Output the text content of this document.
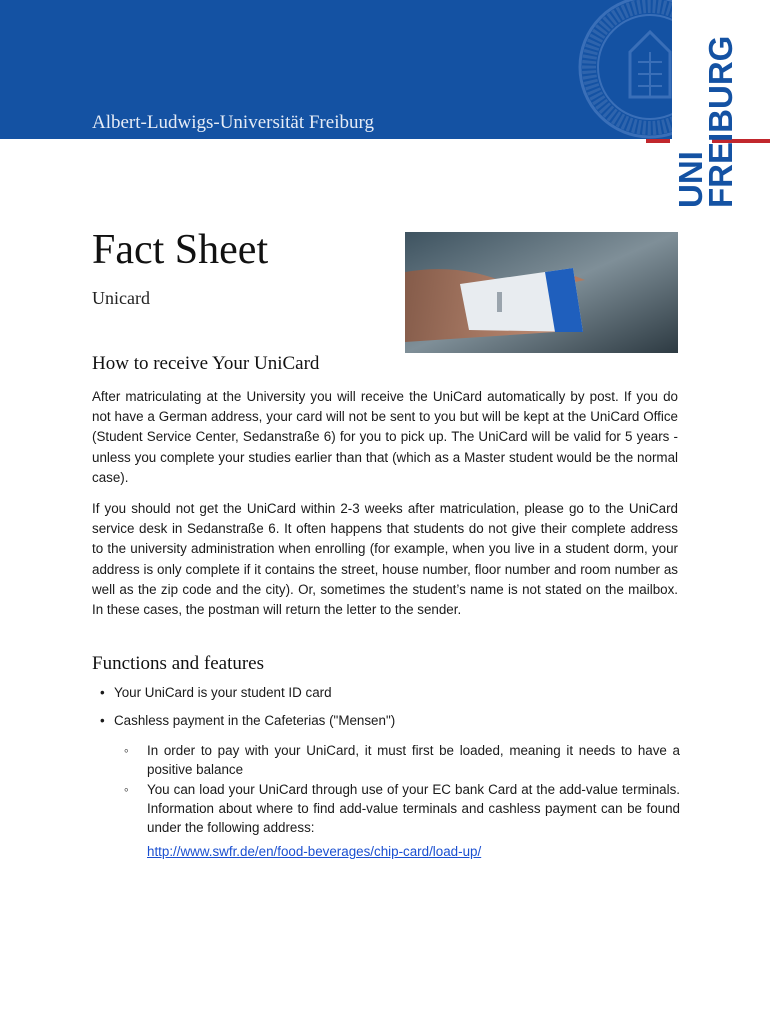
Albert-Ludwigs-Universität Freiburg
UNI
FREIBURG
Fact Sheet
Unicard
How to receive Your UniCard

After matriculating at the University you will receive the UniCard automatically by post. If you do not have a German address, your card will not be sent to you but will be kept at the UniCard Office (Student Service Center, Sedanstraße 6) for you to pick up. The UniCard will be valid for 5 years - unless you complete your studies earlier than that (which as a Master student would be the normal case).

If you should not get the UniCard within 2-3 weeks after matriculation, please go to the UniCard service desk in Sedanstraße 6. It often happens that students do not give their complete address to the university administration when enrolling (for example, when you live in a student dorm, your address is only complete if it contains the street, house number, floor number and room number as well as the zip code and the city). Or, sometimes the student’s name is not stated on the mailbox. In these cases, the postman will return the letter to the sender.

Functions and features
• Your UniCard is your student ID card
• Cashless payment in the Cafeterias ("Mensen")
◦	In order to pay with your UniCard, it must first be loaded, meaning it needs to have a positive balance
◦	You can load your UniCard through use of your EC bank Card at the add-value terminals. Information about where to find add-value terminals and cashless payment can be found under the following address:
http://www.swfr.de/en/food-beverages/chip-card/load-up/
